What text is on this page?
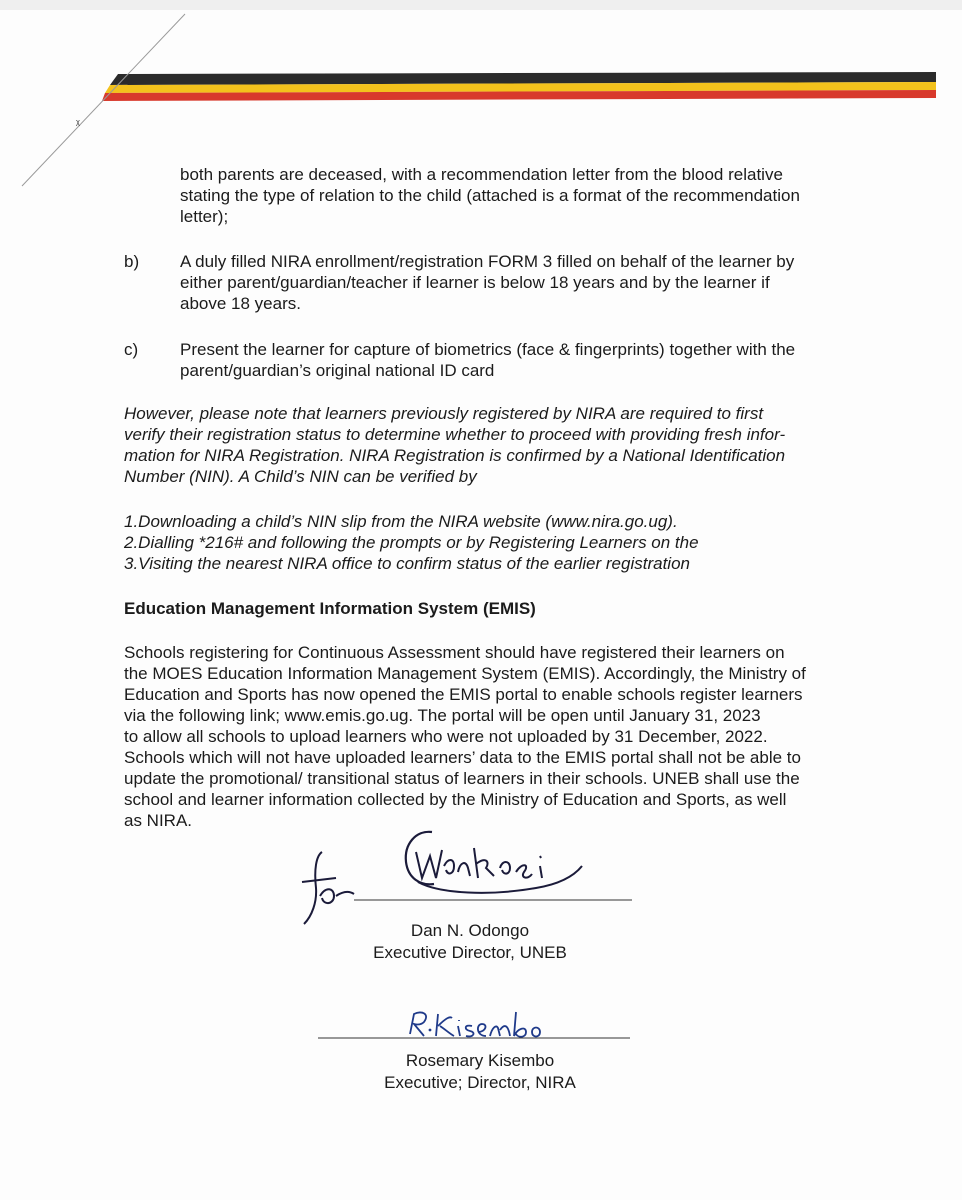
ᵡ
both parents are deceased, with a recommendation letter from the blood relative
stating the type of relation to the child (attached is a format of the recommendation
letter);
b) A duly filled NIRA enrollment/registration FORM 3 filled on behalf of the learner by
either parent/guardian/teacher if learner is below 18 years and by the learner if
above 18 years.
c) Present the learner for capture of biometrics (face & fingerprints) together with the
parent/guardian’s original national ID card
However, please note that learners previously registered by NIRA are required to first
verify their registration status to determine whether to proceed with providing fresh infor-
mation for NIRA Registration. NIRA Registration is confirmed by a National Identification
Number (NIN). A Child’s NIN can be verified by
1.Downloading a child’s NIN slip from the NIRA website (www.nira.go.ug).
2.Dialling *216# and following the prompts or by Registering Learners on the
3.Visiting the nearest NIRA office to confirm status of the earlier registration
Education Management Information System (EMIS)
Schools registering for Continuous Assessment should have registered their learners on
the MOES Education Information Management System (EMIS). Accordingly, the Ministry of
Education and Sports has now opened the EMIS portal to enable schools register learners
via the following link; www.emis.go.ug. The portal will be open until January 31, 2023
to allow all schools to upload learners who were not uploaded by 31 December, 2022.
Schools which will not have uploaded learners’ data to the EMIS portal shall not be able to
update the promotional/ transitional status of learners in their schools. UNEB shall use the
school and learner information collected by the Ministry of Education and Sports, as well
as NIRA.
Dan N. Odongo
Executive Director, UNEB
Rosemary Kisembo
Executive; Director, NIRA
